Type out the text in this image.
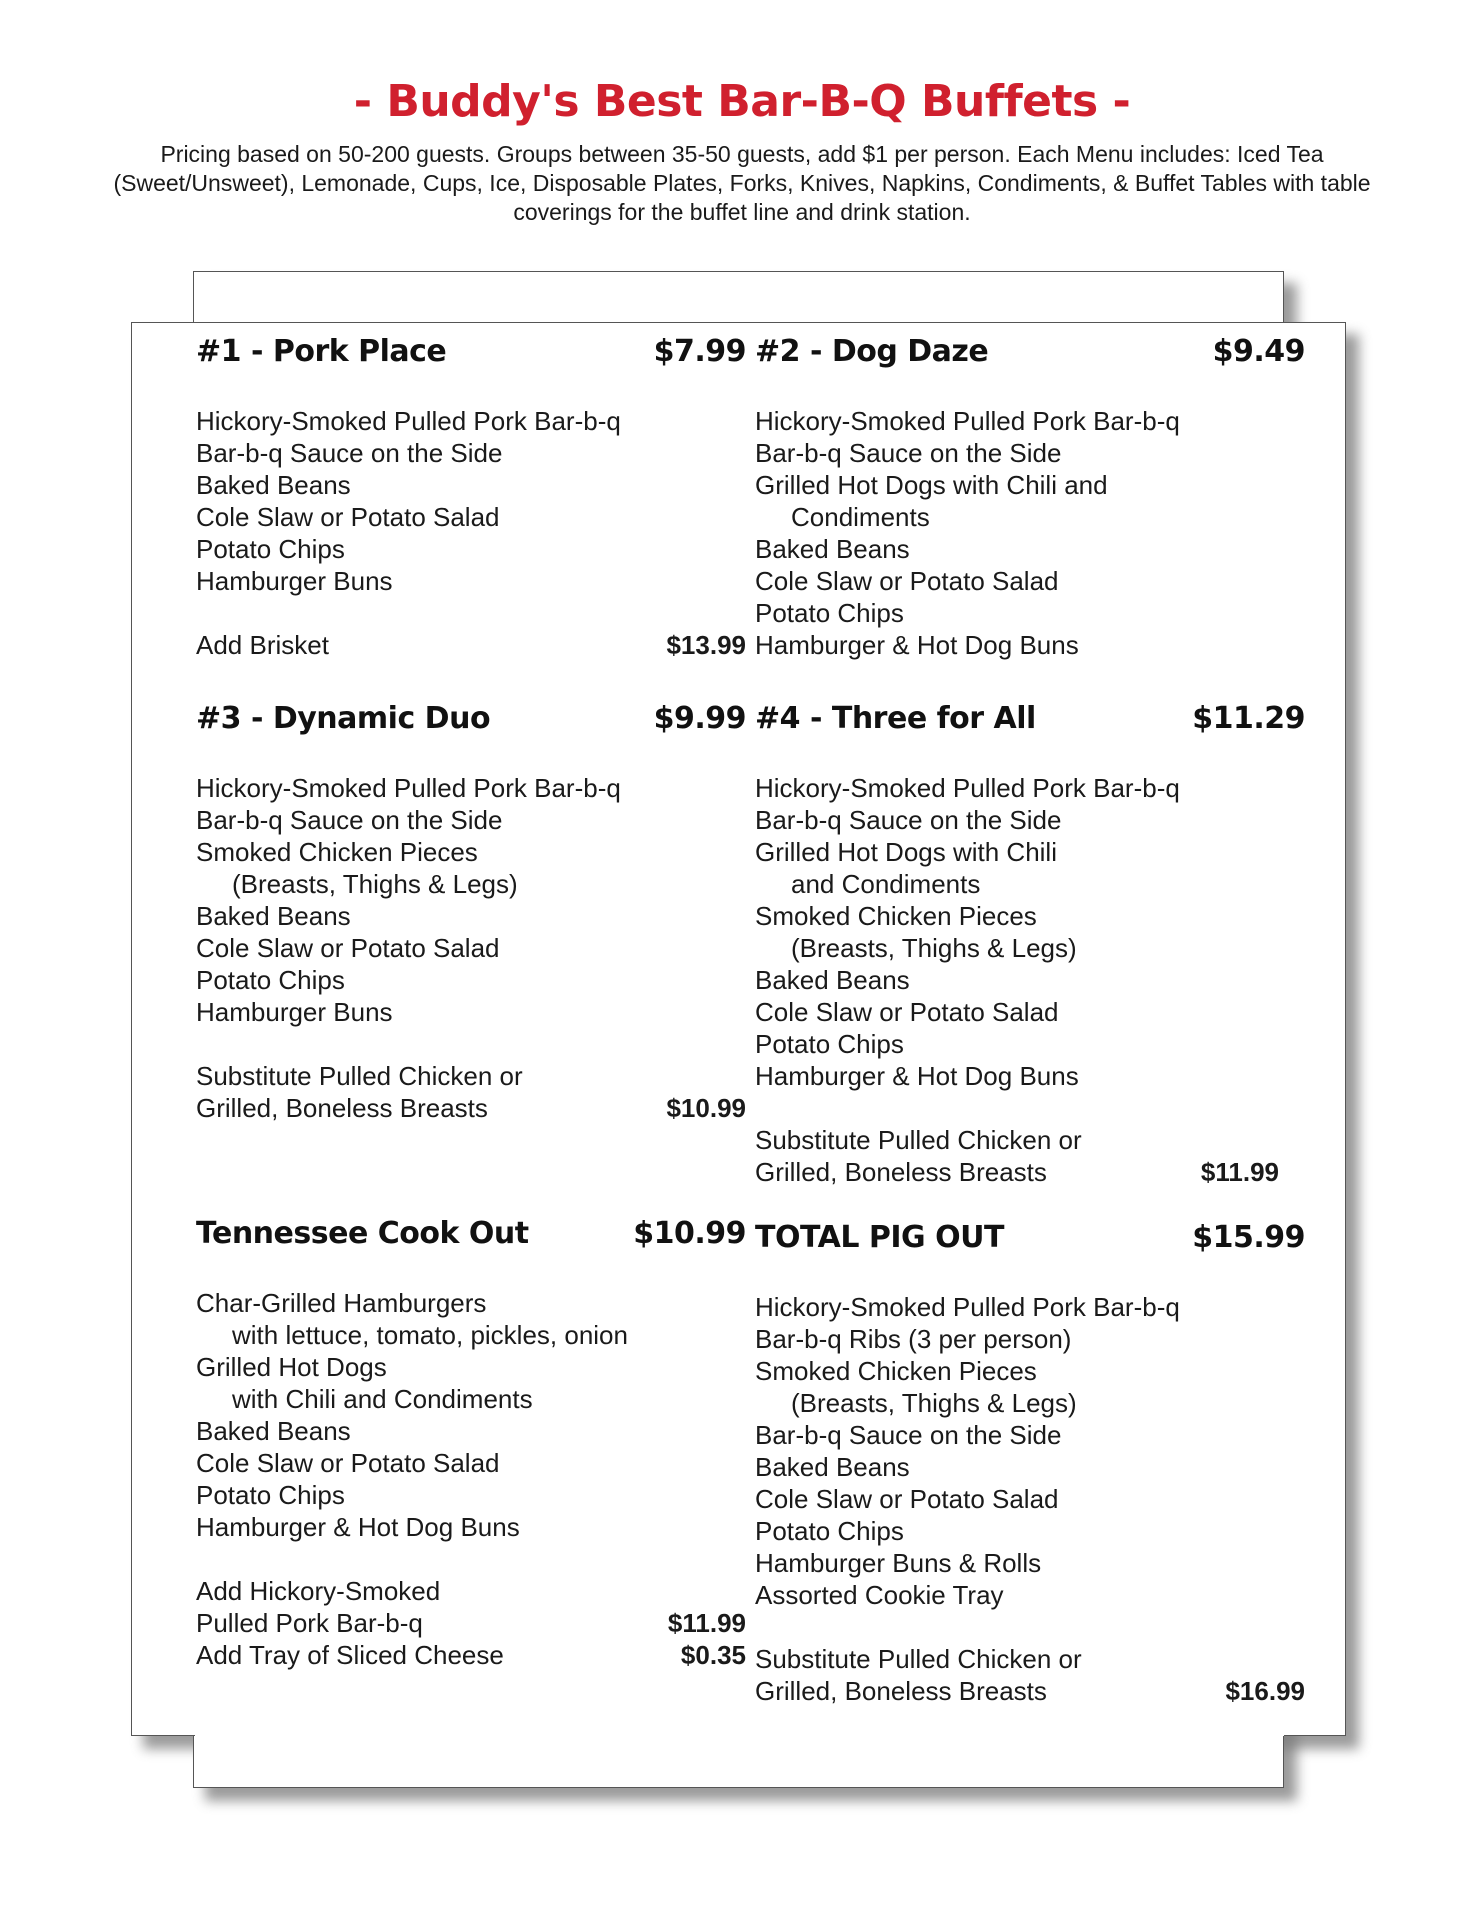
- Buddy's Best Bar-B-Q Buffets -
Pricing based on 50-200 guests. Groups between 35-50 guests, add $1 per person. Each Menu includes: Iced Tea (Sweet/Unsweet), Lemonade, Cups, Ice, Disposable Plates, Forks, Knives, Napkins, Condiments, & Buffet Tables with table coverings for the buffet line and drink station.
#1 - Pork Place	$7.99
Hickory-Smoked Pulled Pork Bar-b-q
Bar-b-q Sauce on the Side
Baked Beans
Cole Slaw or Potato Salad
Potato Chips
Hamburger Buns
Add Brisket	$13.99
#2 - Dog Daze	$9.49
Hickory-Smoked Pulled Pork Bar-b-q
Bar-b-q Sauce on the Side
Grilled Hot Dogs with Chili and
Condiments
Baked Beans
Cole Slaw or Potato Salad
Potato Chips
Hamburger & Hot Dog Buns
#3 - Dynamic Duo	$9.99
Hickory-Smoked Pulled Pork Bar-b-q
Bar-b-q Sauce on the Side
Smoked Chicken Pieces
(Breasts, Thighs & Legs)
Baked Beans
Cole Slaw or Potato Salad
Potato Chips
Hamburger Buns
Substitute Pulled Chicken or
Grilled, Boneless Breasts	$10.99
#4 - Three for All	$11.29
Hickory-Smoked Pulled Pork Bar-b-q
Bar-b-q Sauce on the Side
Grilled Hot Dogs with Chili
and Condiments
Smoked Chicken Pieces
(Breasts, Thighs & Legs)
Baked Beans
Cole Slaw or Potato Salad
Potato Chips
Hamburger & Hot Dog Buns
Substitute Pulled Chicken or
Grilled, Boneless Breasts	$11.99
Tennessee Cook Out	$10.99
Char-Grilled Hamburgers
with lettuce, tomato, pickles, onion
Grilled Hot Dogs
with Chili and Condiments
Baked Beans
Cole Slaw or Potato Salad
Potato Chips
Hamburger & Hot Dog Buns
Add Hickory-Smoked
Pulled Pork Bar-b-q	$11.99
Add Tray of Sliced Cheese	$0.35
TOTAL PIG OUT	$15.99
Hickory-Smoked Pulled Pork Bar-b-q
Bar-b-q Ribs (3 per person)
Smoked Chicken Pieces
(Breasts, Thighs & Legs)
Bar-b-q Sauce on the Side
Baked Beans
Cole Slaw or Potato Salad
Potato Chips
Hamburger Buns & Rolls
Assorted Cookie Tray
Substitute Pulled Chicken or
Grilled, Boneless Breasts	$16.99
